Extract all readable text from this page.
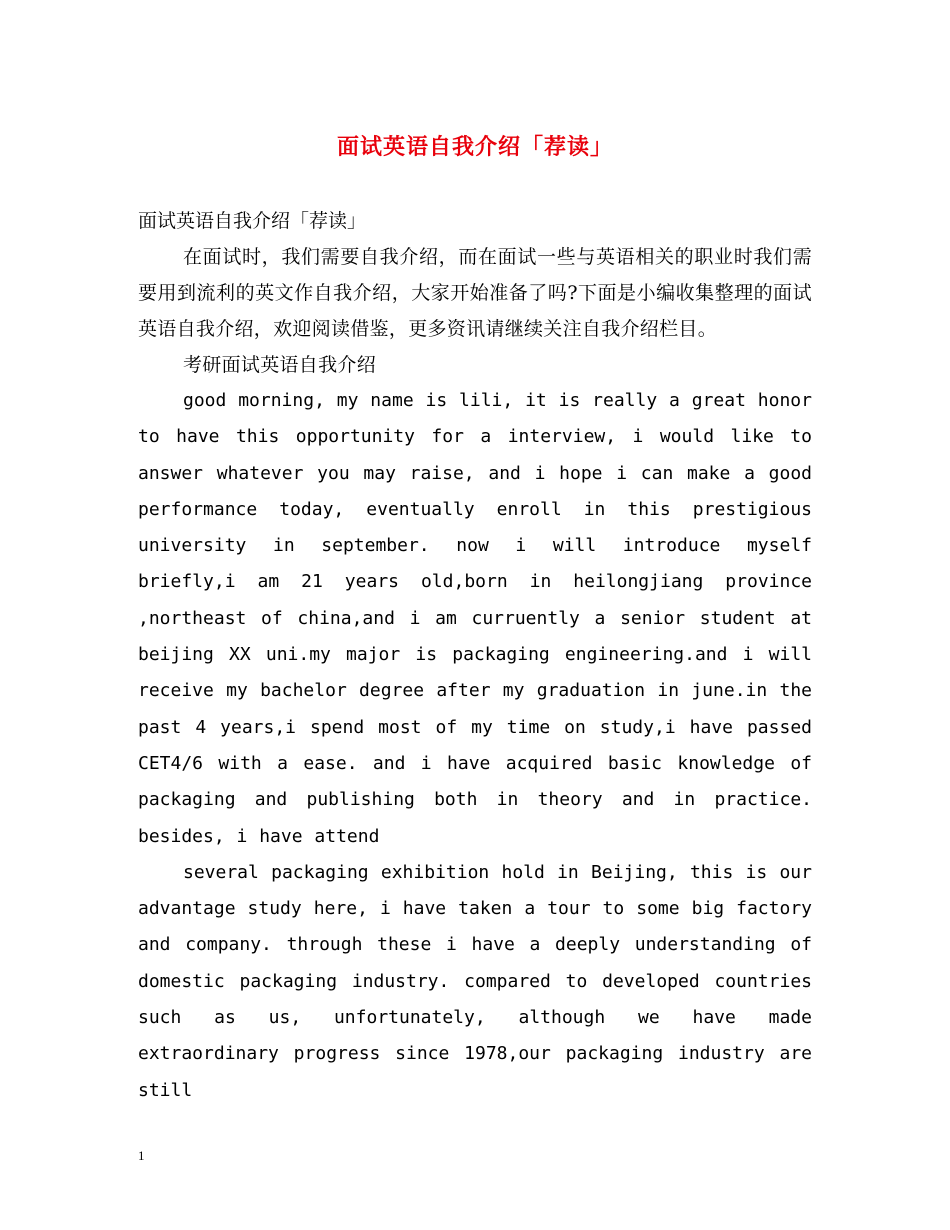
面试英语自我介绍「荐读」
面试英语自我介绍「荐读」

在面试时，我们需要自我介绍，而在面试一些与英语相关的职业时我们需要用到流利的英文作自我介绍，大家开始准备了吗?下面是小编收集整理的面试英语自我介绍，欢迎阅读借鉴，更多资讯请继续关注自我介绍栏目。

考研面试英语自我介绍

good morning, my name is lili, it is really a great honor to have this opportunity for a interview, i would like to answer whatever you may raise, and i hope i can make a good performance today, eventually enroll in this prestigious university in september. now i will introduce myself briefly,i am 21 years old,born in heilongjiang province ,northeast of china,and i am curruently a senior student at beijing XX uni.my major is packaging engineering.and i will receive my bachelor degree after my graduation in june.in the past 4 years,i spend most of my time on study,i have passed CET4/6 with a ease. and i have acquired basic knowledge of packaging and publishing both in theory and in practice. besides, i have attend

several packaging exhibition hold in Beijing, this is our advantage study here, i have taken a tour to some big factory and company. through these i have a deeply understanding of domestic packaging industry. compared to developed countries such as us, unfortunately, although we have made extraordinary progress since 1978,our packaging industry are still

1
